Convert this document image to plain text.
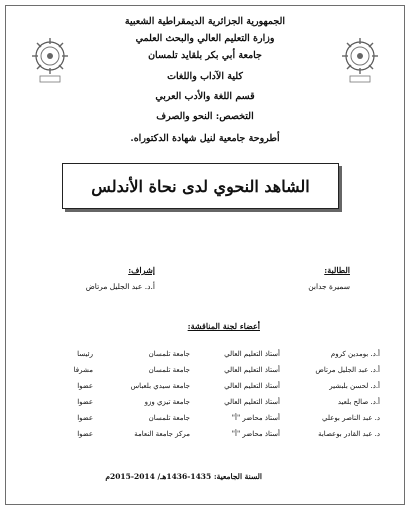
الجمهورية الجزائرية الديمقراطية الشعبية
وزارة التعليم العالي والبحث العلمي
جامعة أبي بكر بلقايد تلمسان
كلية الآداب واللغات
قسم اللغة والأدب العربي
التخصص: النحو والصرف
أطروحة جامعية لنيل شهادة الدكتوراه.
الشاهد النحوي لدى نحاة الأندلس
الطالبة:
سميرة جدابن
إشراف:
أ.د. عبد الجليل مرتاض
أعضاء لجنة المناقشة:
أ.د. بومدين كروم
أستاذ التعليم العالي
جامعة تلمسان
رئيسا
أ.د. عبد الجليل مرتاض
أستاذ التعليم العالي
جامعة تلمسان
مشرفا
أ.د. لحسن بلبشير
أستاذ التعليم العالي
جامعة سيدي بلعباس
عضوا
أ.د. صالح بلعيد
أستاذ التعليم العالي
جامعة تيزي وزو
عضوا
د. عبد الناصر بوعلي
أستاذ محاضر "أ"
جامعة تلمسان
عضوا
د. عبد القادر بوعصابة
أستاذ محاضر "أ"
مركز جامعة النعامة
عضوا
السنة الجامعية: 1435-1436هـ/ 2014-2015م
